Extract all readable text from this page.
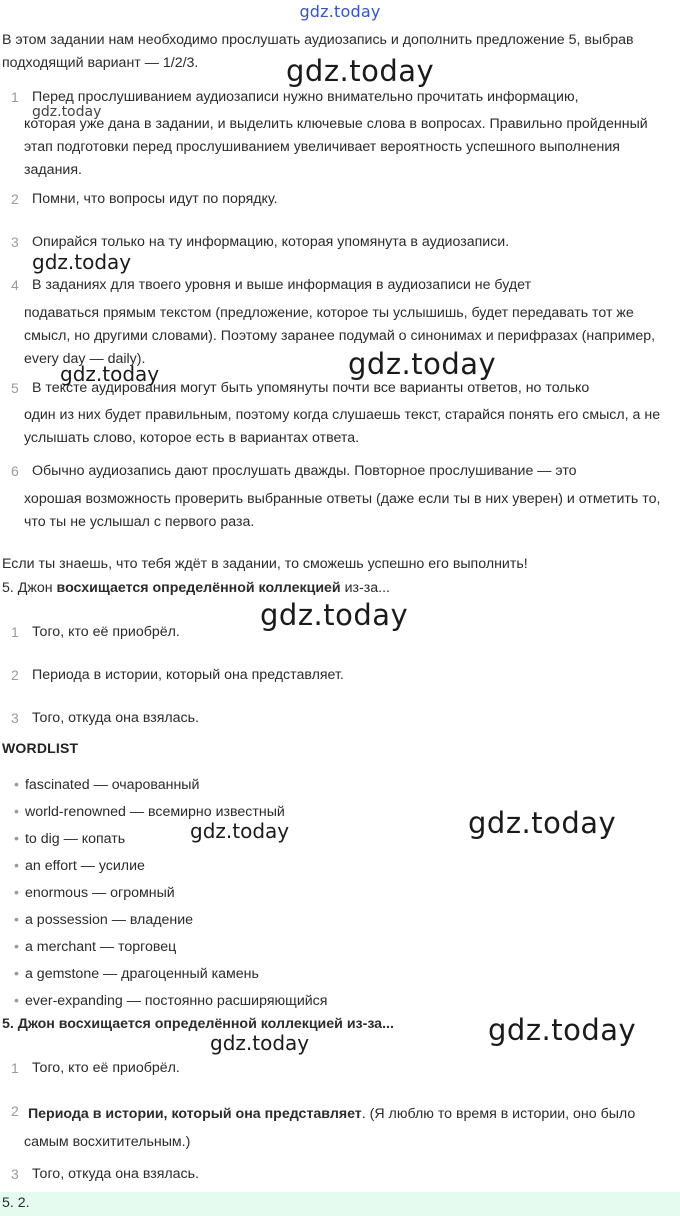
gdz.today
В этом задании нам необходимо прослушать аудиозапись и дополнить предложение 5, выбрав подходящий вариант — 1/2/3.
1 Перед прослушиванием аудиозаписи нужно внимательно прочитать информацию,
которая уже дана в задании, и выделить ключевые слова в вопросах. Правильно пройденный этап подготовки перед прослушиванием увеличивает вероятность успешного выполнения задания.
2 Помни, что вопросы идут по порядку.
3 Опирайся только на ту информацию, которая упомянута в аудиозаписи.
4 В заданиях для твоего уровня и выше информация в аудиозаписи не будет
подаваться прямым текстом (предложение, которое ты услышишь, будет передавать тот же смысл, но другими словами). Поэтому заранее подумай о синонимах и перифразах (например, every day — daily).
5 В тексте аудирования могут быть упомянуты почти все варианты ответов, но только
один из них будет правильным, поэтому когда слушаешь текст, старайся понять его смысл, а не услышать слово, которое есть в вариантах ответа.
6 Обычно аудиозапись дают прослушать дважды. Повторное прослушивание — это
хорошая возможность проверить выбранные ответы (даже если ты в них уверен) и отметить то, что ты не услышал с первого раза.
Если ты знаешь, что тебя ждёт в задании, то сможешь успешно его выполнить!
5. Джон восхищается определённой коллекцией из-за...
1 Того, кто её приобрёл.
2 Периода в истории, который она представляет.
3 Того, откуда она взялась.
WORDLIST
• fascinated — очарованный
• world-renowned — всемирно известный
• to dig — копать
• an effort — усилие
• enormous — огромный
• a possession — владение
• a merchant — торговец
• a gemstone — драгоценный камень
• ever-expanding — постоянно расширяющийся
5. Джон восхищается определённой коллекцией из-за...
1 Того, кто её приобрёл.
2 Периода в истории, который она представляет. (Я люблю то время в истории, оно было самым восхитительным.)
3 Того, откуда она взялась.
5. 2.
gdz.today
gdz.today
gdz.today
gdz.today
gdz.today
gdz.today
gdz.today	gdz.today
gdz.today
gdz.today
